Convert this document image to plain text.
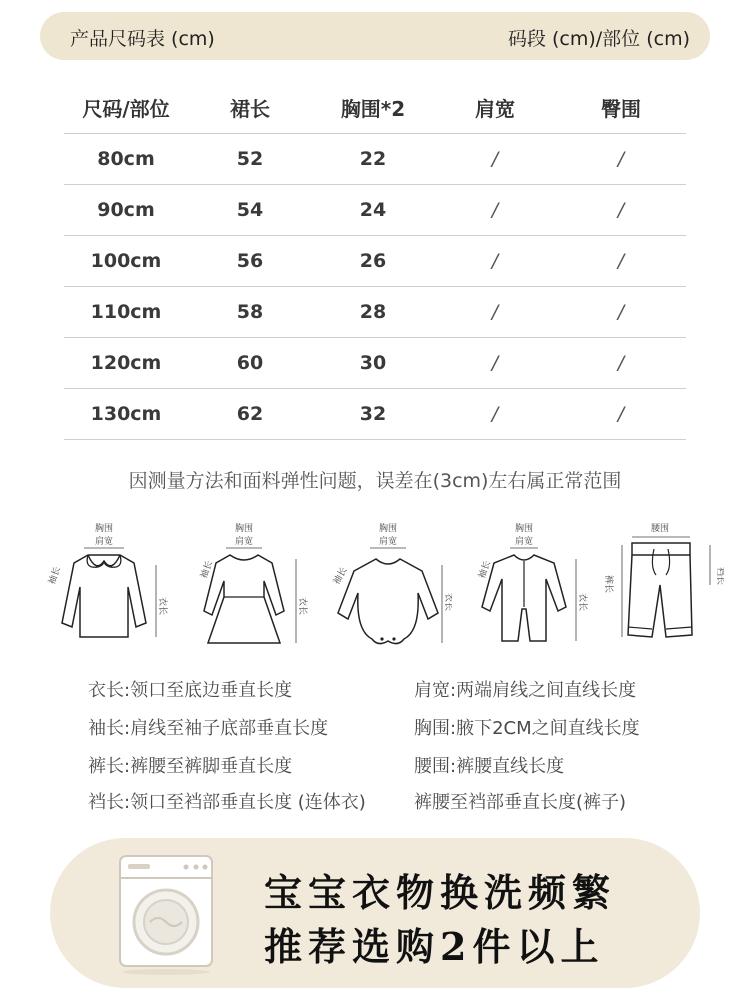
产品尺码表 (cm)	码段 (cm)/部位 (cm)
尺码/部位	裙长	胸围*2	肩宽	臀围
80cm	52	22	/	/
90cm	54	24	/	/
100cm	56	26	/	/
110cm	58	28	/	/
120cm	60	30	/	/
130cm	62	32	/	/
因测量方法和面料弹性问题，误差在(3cm)左右属正常范围
胸围
肩宽
袖长
衣长
胸围
肩宽
袖长
衣长
胸围
肩宽
袖长
衣长
胸围
肩宽
袖长
衣长
腰围
裤长	裆长
衣长:领口至底边垂直长度
袖长:肩线至袖子底部垂直长度
裤长:裤腰至裤脚垂直长度
裆长:领口至裆部垂直长度 (连体衣)
肩宽:两端肩线之间直线长度
胸围:腋下2CM之间直线长度
腰围:裤腰直线长度
裤腰至裆部垂直长度(裤子)
宝宝衣物换洗频繁
推荐选购2件以上
